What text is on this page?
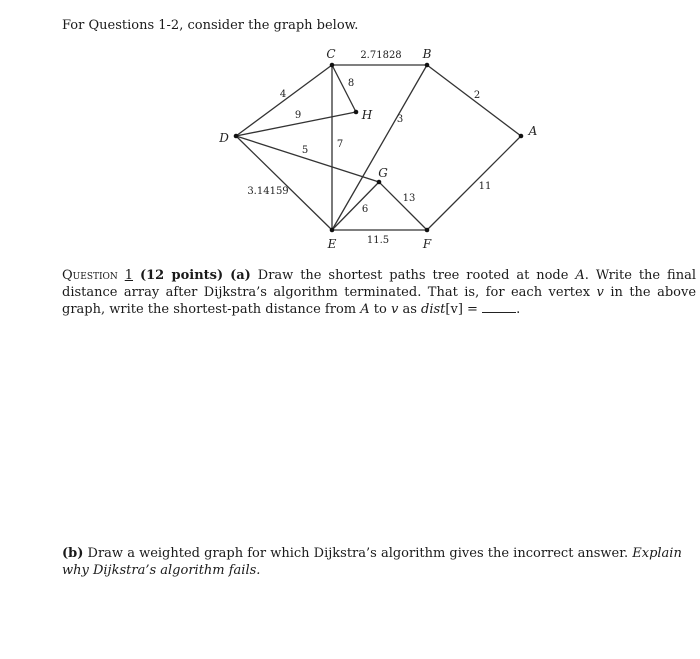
For Questions 1-2, consider the graph below.
2.71828
2
11
4
8
9
7
5
3.14159
3
6
13
11.5
A
B
C
D
E	F
G
H
Question 1 (12 points) (a) Draw the shortest paths tree rooted at node A. Write the final distance array after Dijkstra’s algorithm terminated. That is, for each vertex v in the above graph, write the shortest-path distance from A to v as dist[v] =	.
(b) Draw a weighted graph for which Dijkstra’s algorithm gives the incorrect answer. Explain why Dijkstra’s algorithm fails.
